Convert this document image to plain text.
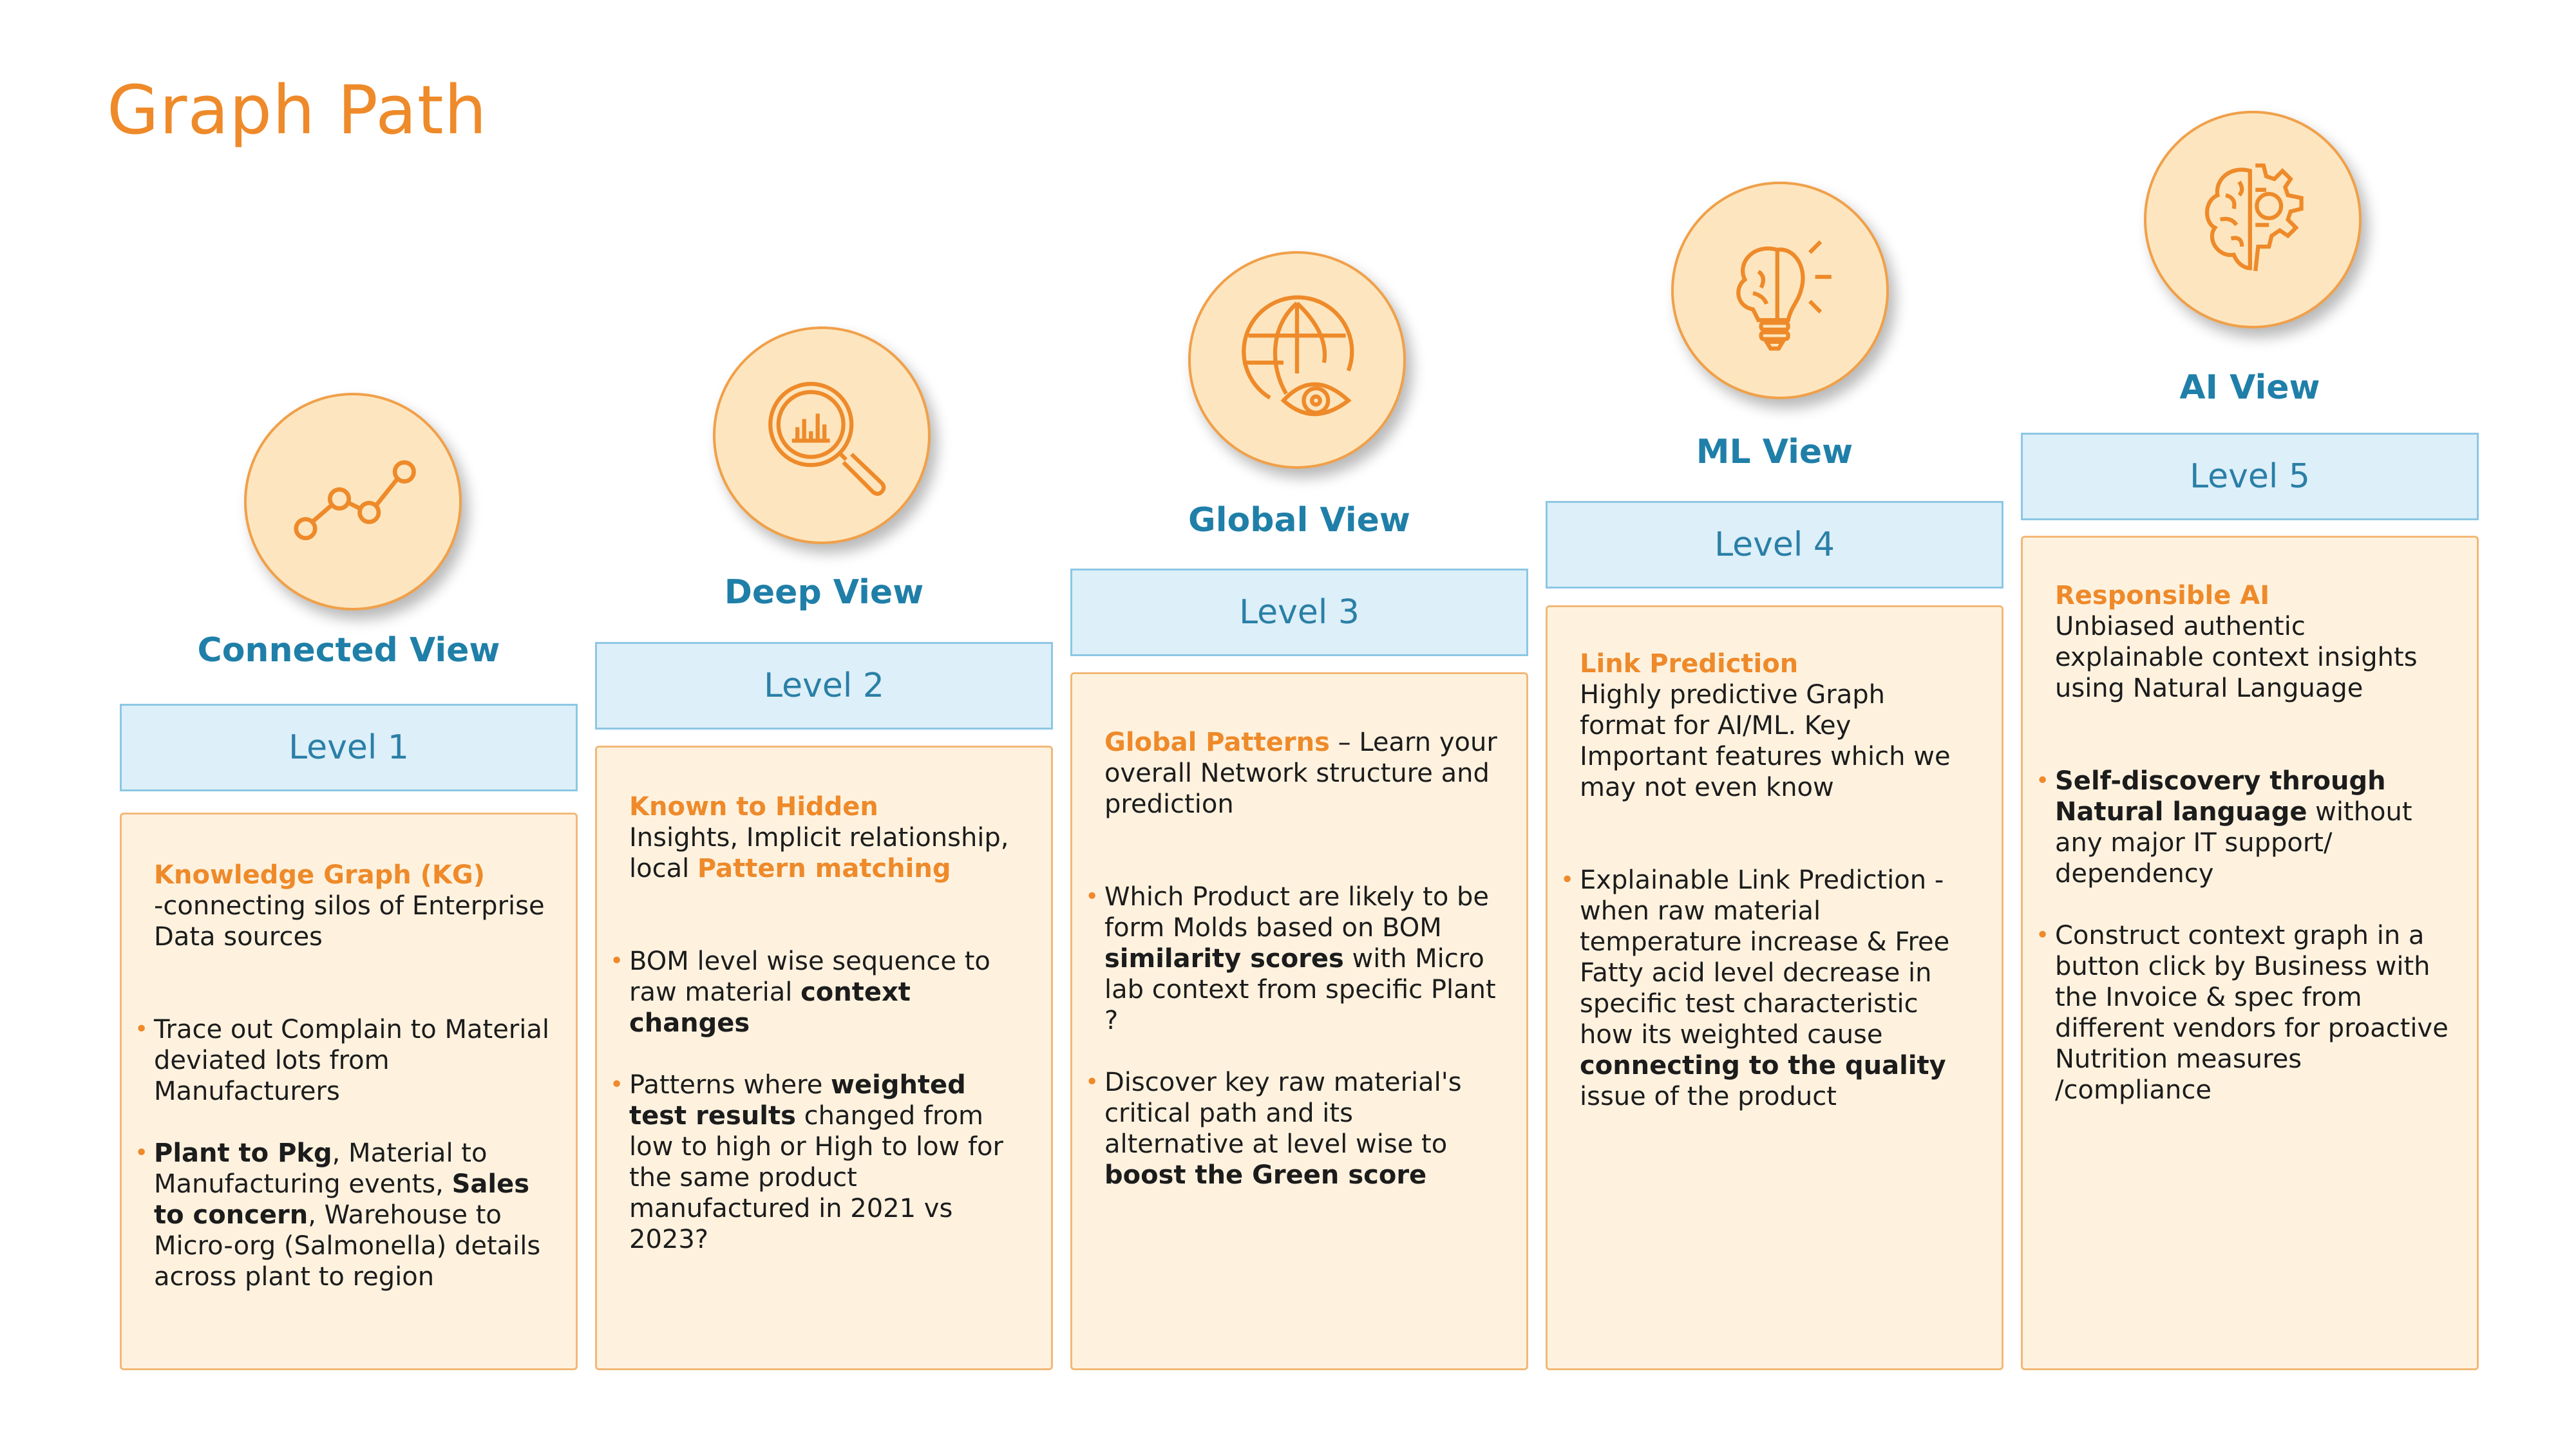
Graph Path
Connected View
Level 1

Knowledge Graph (KG)
-connecting silos of Enterprise Data sources

• Trace out Complain to Material deviated lots from Manufacturers

• Plant to Pkg, Material to Manufacturing events, Sales to concern, Warehouse to Micro-org (Salmonella) details across plant to region

Deep View
Level 2

Known to Hidden
Insights, Implicit relationship, local Pattern matching

• BOM level wise sequence to raw material context changes

• Patterns where weighted test results changed from low to high or High to low for the same product manufactured in 2021 vs 2023?

Global View
Level 3

Global Patterns – Learn your overall Network structure and prediction

• Which Product are likely to be form Molds based on BOM similarity scores with Micro lab context from specific Plant ?

• Discover key raw material's critical path and its alternative at level wise to boost the Green score

ML View
Level 4

Link Prediction
Highly predictive Graph format for AI/ML. Key Important features which we may not even know

• Explainable Link Prediction -when raw material temperature increase & Free Fatty acid level decrease in specific test characteristic how its weighted cause connecting to the quality issue of the product

AI View
Level 5

Responsible AI
Unbiased authentic explainable context insights using Natural Language

• Self-discovery through Natural language without any major IT support/ dependency

• Construct context graph in a button click by Business with the Invoice & spec from different vendors for proactive Nutrition measures /compliance
